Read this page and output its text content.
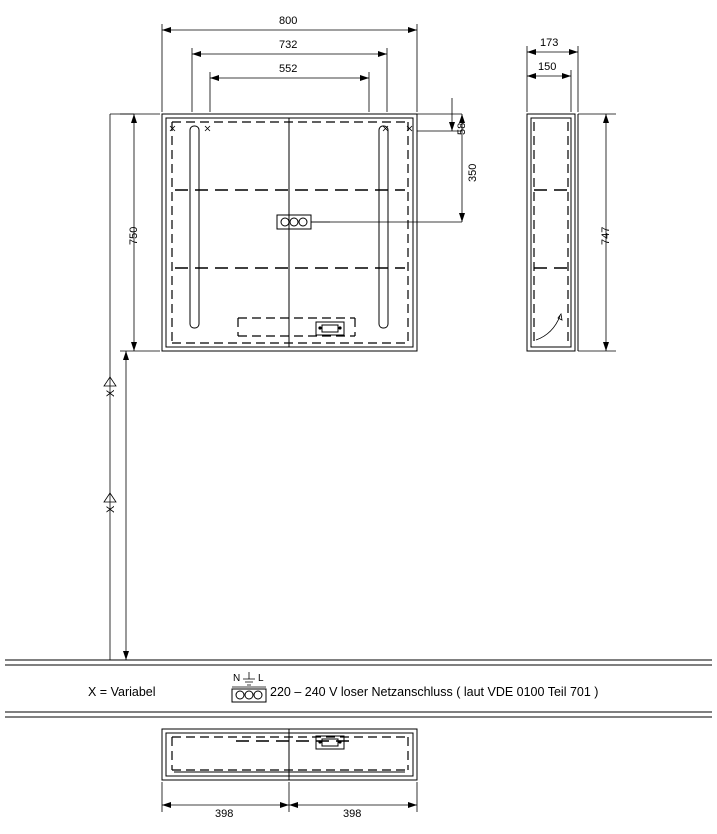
800
732
552
58
350
750
X
X
173
150
747
398	398
X = Variabel	220 – 240 V loser Netzanschluss ( laut VDE 0100 Teil 701 )
N L
